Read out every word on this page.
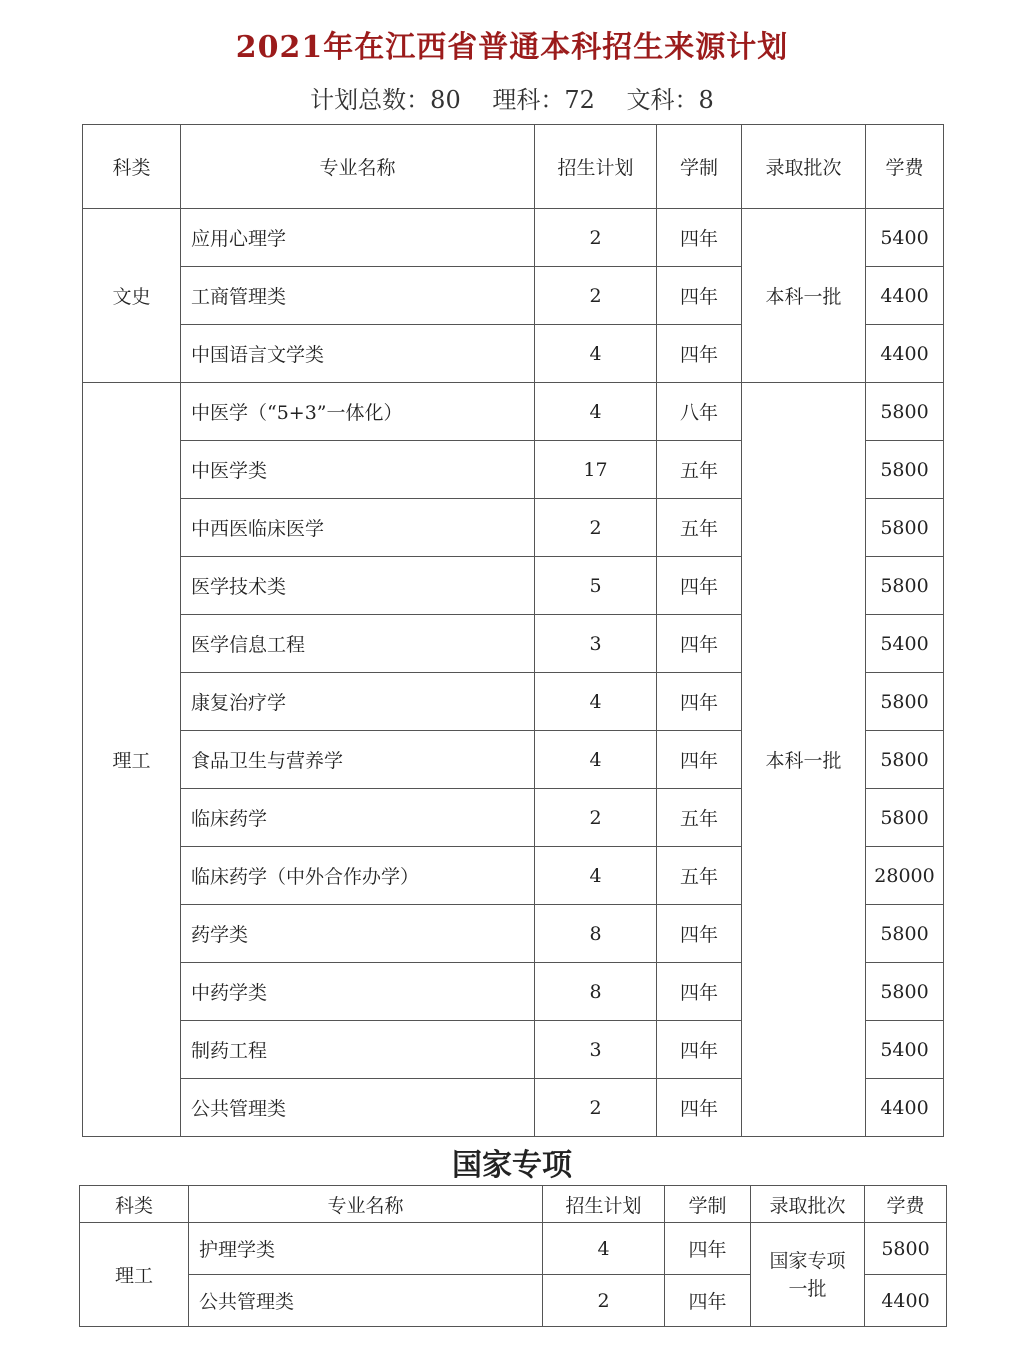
2021年在江西省普通本科招生来源计划
计划总数：80 理科：72 文科：8
科类	专业名称	招生计划	学制	录取批次	学费
文史	应用心理学	2	四年	本科一批	5400
	工商管理类	2	四年		4400
	中国语言文学类	4	四年		4400
理工	中医学（“5+3”一体化）	4	八年	本科一批	5800
	中医学类	17	五年		5800
	中西医临床医学	2	五年		5800
	医学技术类	5	四年		5800
	医学信息工程	3	四年		5400
	康复治疗学	4	四年		5800
	食品卫生与营养学	4	四年		5800
	临床药学	2	五年		5800
	临床药学（中外合作办学）	4	五年		28000
	药学类	8	四年		5800
	中药学类	8	四年		5800
	制药工程	3	四年		5400
	公共管理类	2	四年		4400
国家专项
科类	专业名称	招生计划	学制	录取批次	学费
理工	护理学类	4	四年	国家专项一批	5800
	公共管理类	2	四年		4400
